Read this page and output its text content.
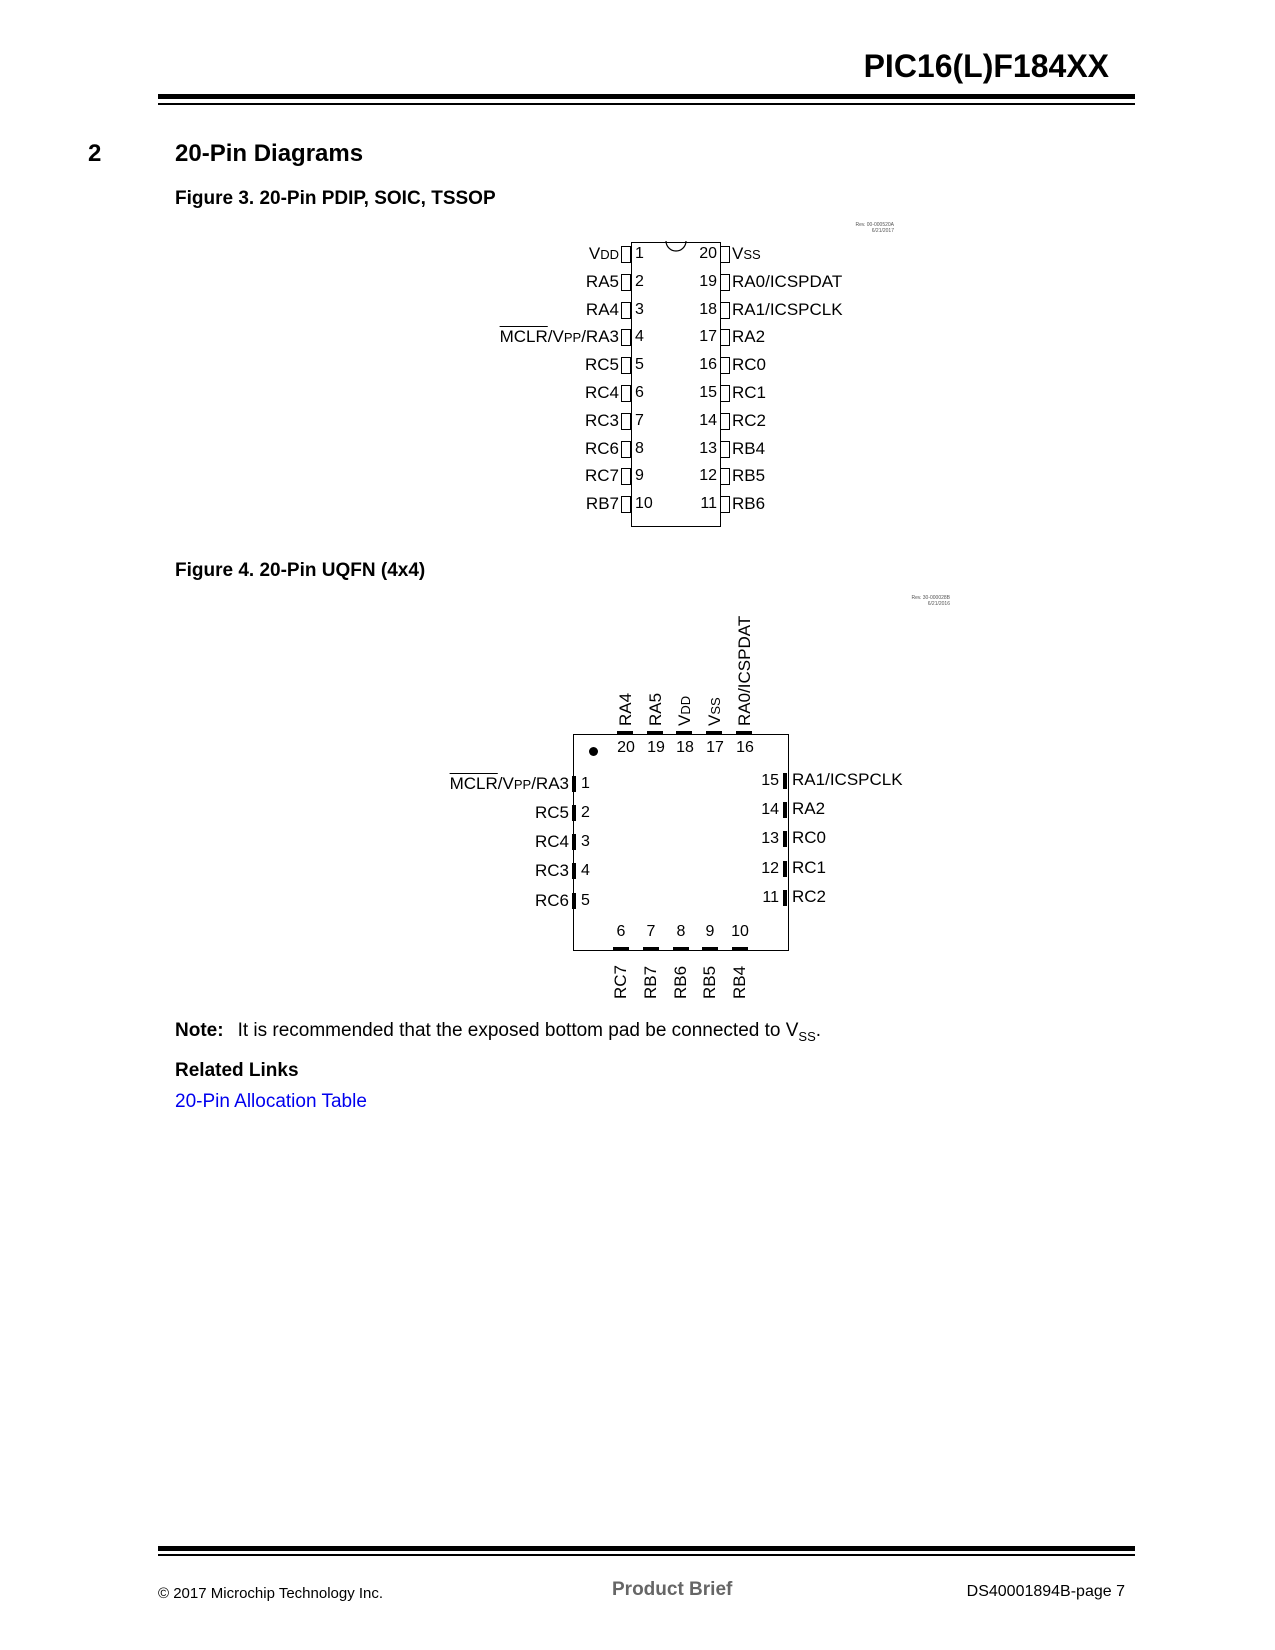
PIC16(L)F184XX
2	20-Pin Diagrams
Figure 3. 20-Pin PDIP, SOIC, TSSOP
Rev. 00-000520A
6/21/2017
1
VDD
2
RA5
3
RA4
4
MCLR/VPP/RA3
5
RC5
6
RC4
7
RC3
8
RC6
9
RC7
10
RB7
20 VSS
19 RA0/ICSPDAT
18 RA1/ICSPCLK
17 RA2
16 RC0
15 RC1
14 RC2
13 RB4
12 RB5
11 RB6
Figure 4. 20-Pin UQFN (4x4)
Rev. 30-000028B
6/21/2016
20
RA4
19
RA5
18
VDD
17
VSS
16
RA0/ICSPDAT
1
MCLR/VPP/RA3
2
RC5
3
RC4
4
RC3
5
RC6
15 RA1/ICSPCLK
14 RA2
13 RC0
12 RC1
11 RC2
6
RC7
7
RB7
8
RB6
9
RB5
10
RB4
Note: It is recommended that the exposed bottom pad be connected to $V_{SS}$.
Related Links
20-Pin Allocation Table
© 2017 Microchip Technology Inc.	Product Brief	DS40001894B-page 7
